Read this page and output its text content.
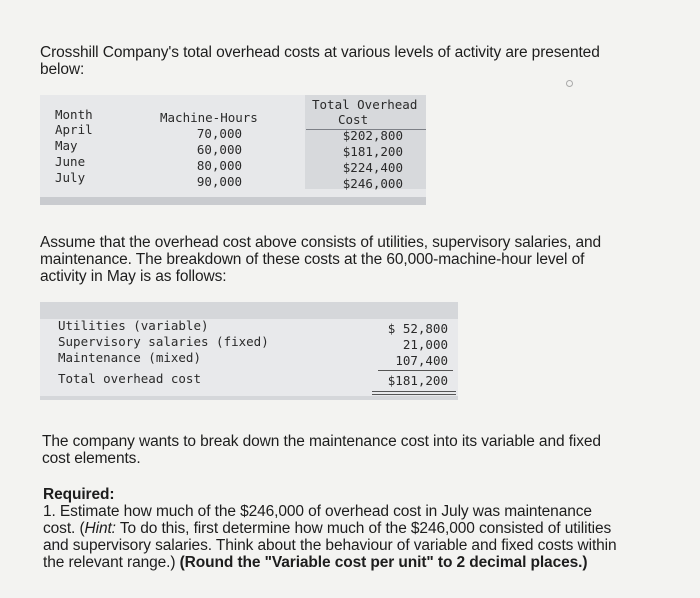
Crosshill Company's total overhead costs at various levels of activity are presented
below:
Total Overhead
Cost
Month	Machine-Hours
April
May
June
July
70,000
60,000
80,000
90,000
$202,800
$181,200
$224,400
$246,000
Assume that the overhead cost above consists of utilities, supervisory salaries, and
maintenance. The breakdown of these costs at the 60,000-machine-hour level of
activity in May is as follows:
Utilities (variable)
Supervisory salaries (fixed)
Maintenance (mixed)
Total overhead cost
$ 52,800
21,000
107,400
$181,200
The company wants to break down the maintenance cost into its variable and fixed
cost elements.
Required:
1. Estimate how much of the $246,000 of overhead cost in July was maintenance
cost. (Hint: To do this, first determine how much of the $246,000 consisted of utilities
and supervisory salaries. Think about the behaviour of variable and fixed costs within
the relevant range.) (Round the "Variable cost per unit" to 2 decimal places.)
